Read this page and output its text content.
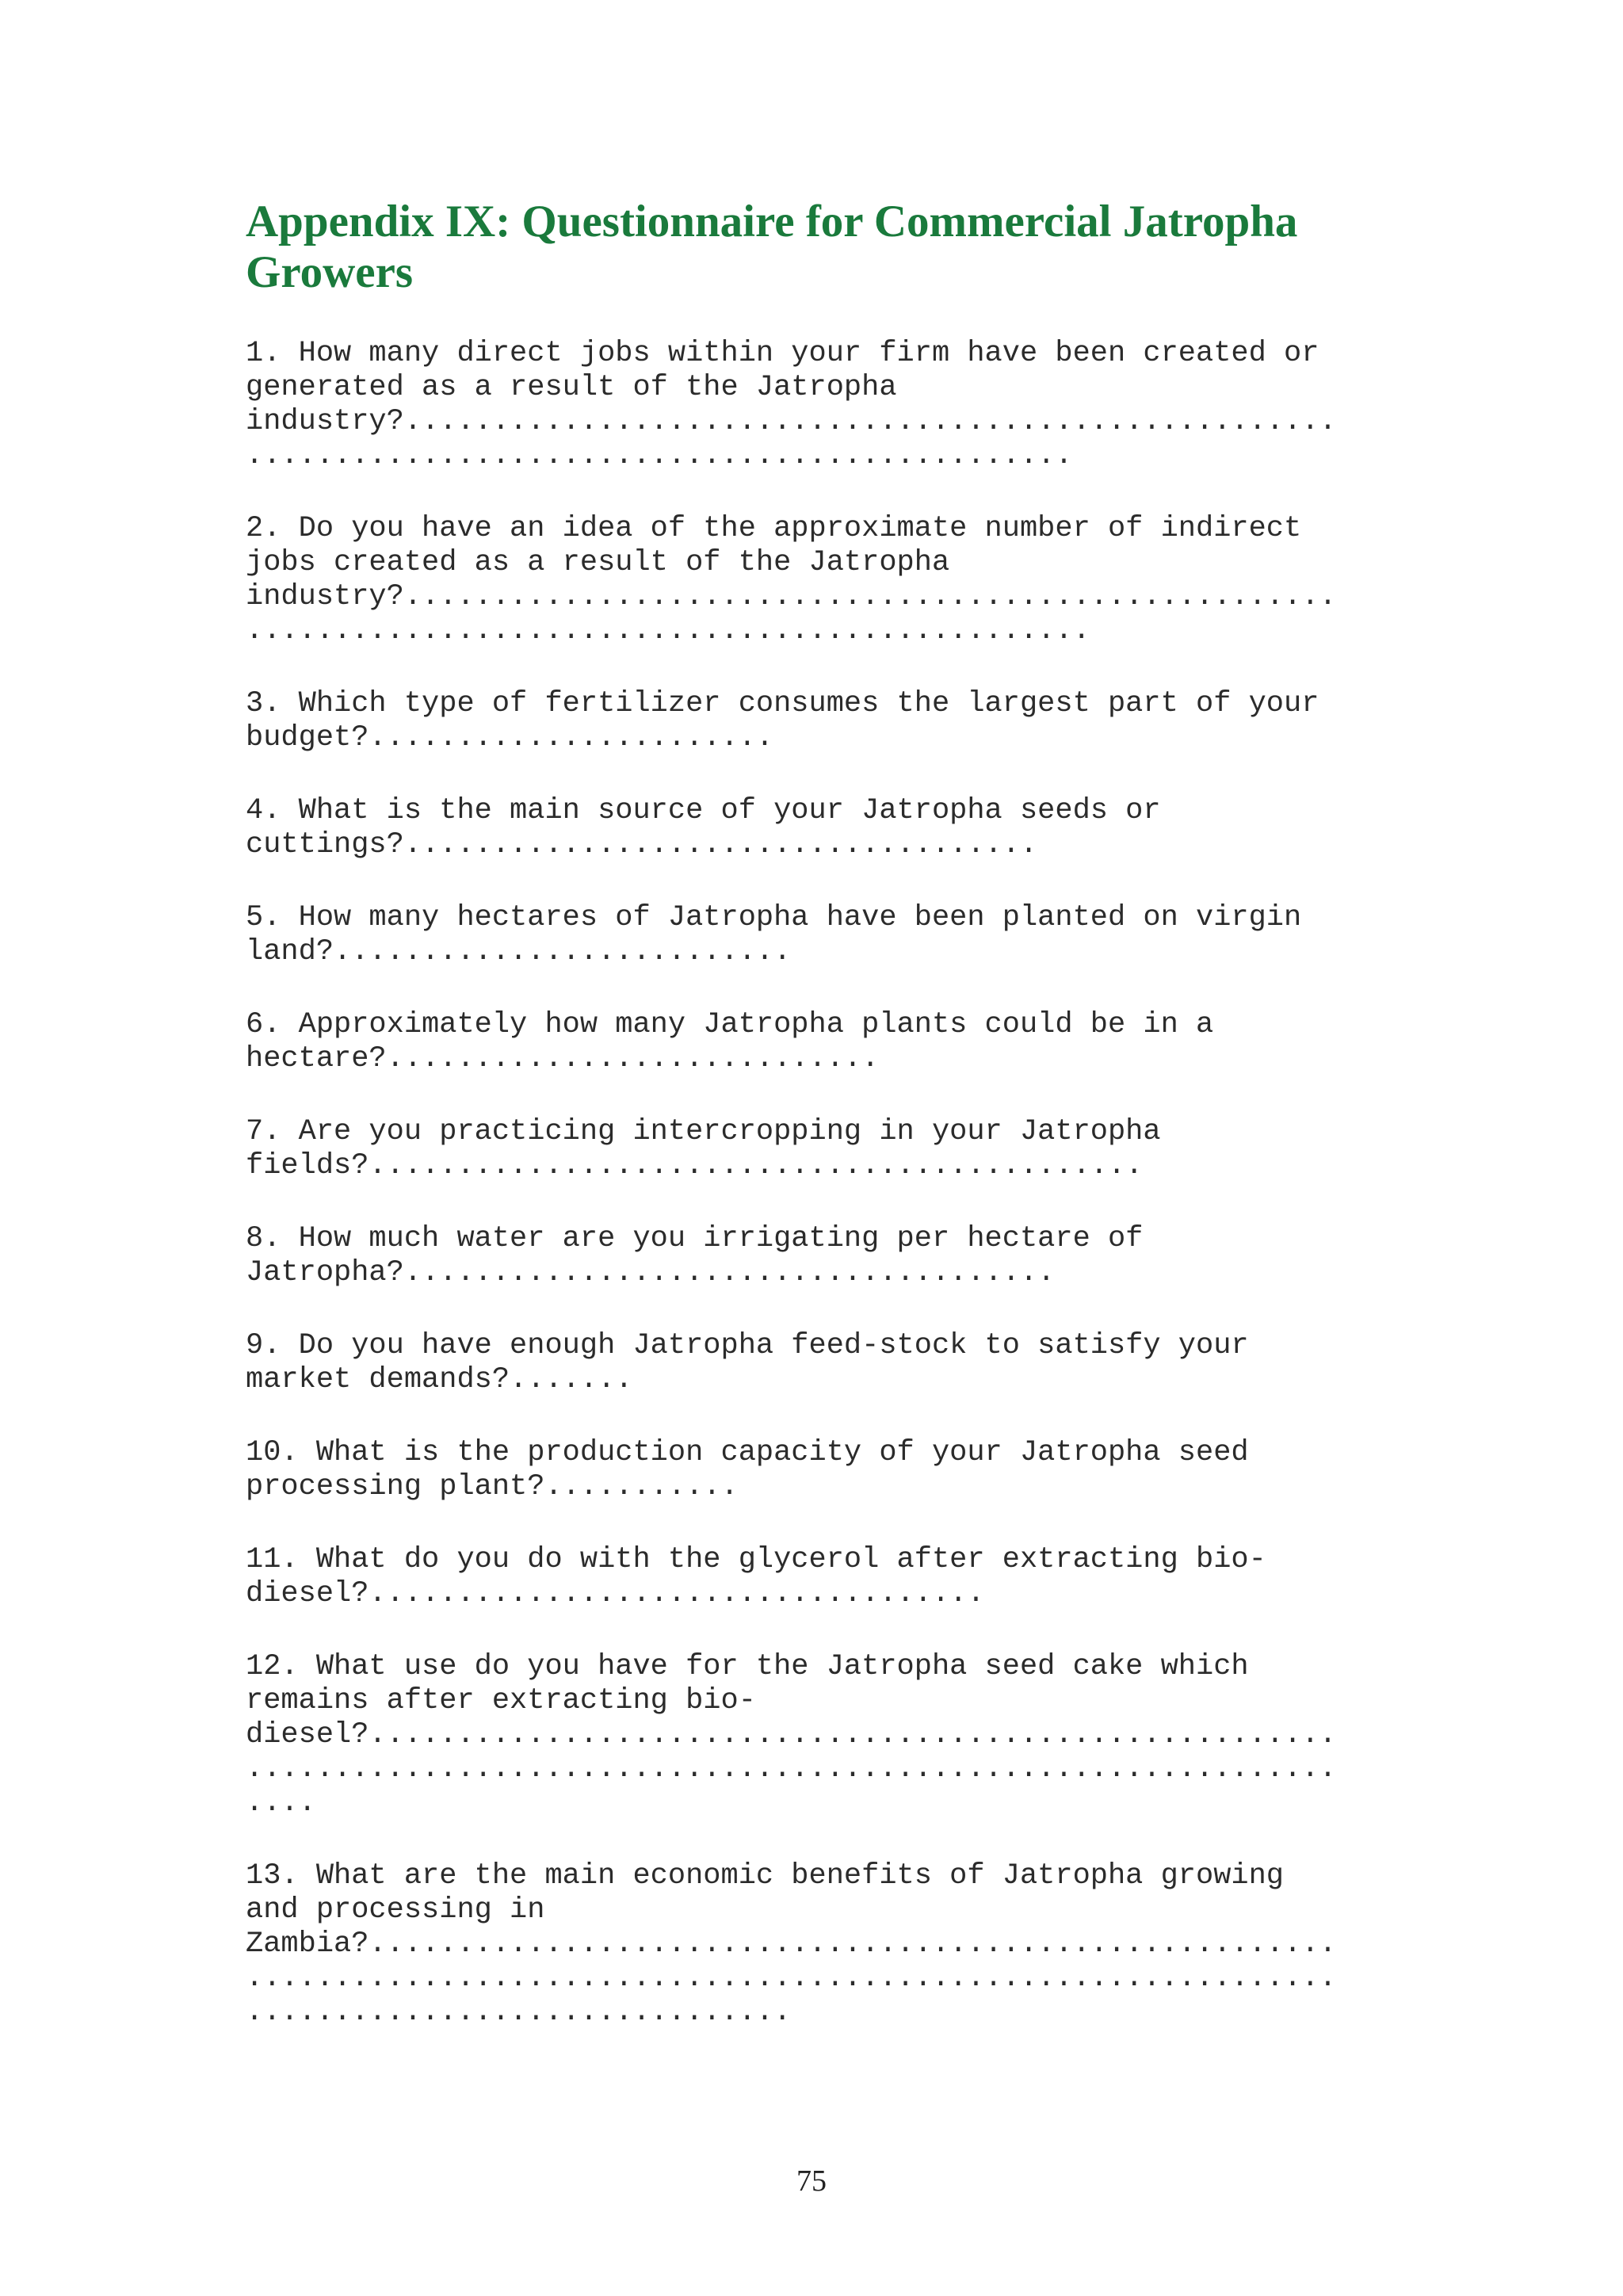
Appendix IX: Questionnaire for Commercial Jatropha
Growers
1. How many direct jobs within your firm have been created or
generated as a result of the Jatropha
industry?.....................................................
...............................................
2. Do you have an idea of the approximate number of indirect
jobs created as a result of the Jatropha
industry?.....................................................
................................................
3. Which type of fertilizer consumes the largest part of your
budget?.......................
4. What is the main source of your Jatropha seeds or
cuttings?....................................
5. How many hectares of Jatropha have been planted on virgin
land?..........................
6. Approximately how many Jatropha plants could be in a
hectare?............................
7. Are you practicing intercropping in your Jatropha
fields?............................................
8. How much water are you irrigating per hectare of
Jatropha?.....................................
9. Do you have enough Jatropha feed-stock to satisfy your
market demands?.......
10. What is the production capacity of your Jatropha seed
processing plant?...........
11. What do you do with the glycerol after extracting bio-
diesel?...................................
12. What use do you have for the Jatropha seed cake which
remains after extracting bio-
diesel?.......................................................
..............................................................
....
13. What are the main economic benefits of Jatropha growing
and processing in
Zambia?.......................................................
..............................................................
...............................

75
